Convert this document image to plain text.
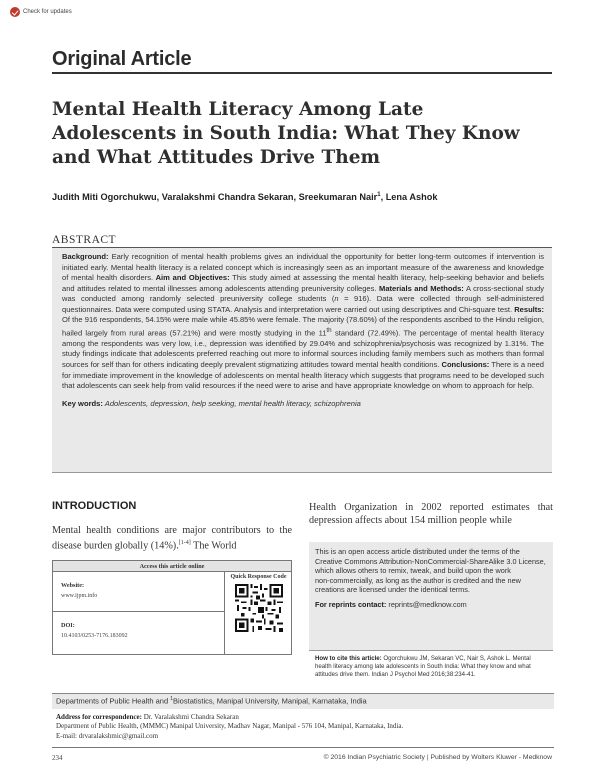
Check for updates
Original Article
Mental Health Literacy Among Late Adolescents in South India: What They Know and What Attitudes Drive Them
Judith Miti Ogorchukwu, Varalakshmi Chandra Sekaran, Sreekumaran Nair$^1$, Lena Ashok
ABSTRACT

Background: Early recognition of mental health problems gives an individual the opportunity for better long‑term outcomes if intervention is initiated early. Mental health literacy is a related concept which is increasingly seen as an important measure of the awareness and knowledge of mental health disorders. Aim and Objectives: This study aimed at assessing the mental health literacy, help‑seeking behavior and beliefs and attitudes related to mental illnesses among adolescents attending preuniversity colleges. Materials and Methods: A cross‑sectional study was conducted among randomly selected preuniversity college students (n = 916). Data were collected through self‑administered questionnaires. Data were computed using STATA. Analysis and interpretation were carried out using descriptives and Chi‑square test. Results: Of the 916 respondents, 54.15% were male while 45.85% were female. The majority (78.60%) of the respondents ascribed to the Hindu religion, hailed largely from rural areas (57.21%) and were mostly studying in the 11th standard (72.49%). The percentage of mental health literacy among the respondents was very low, i.e., depression was identified by 29.04% and schizophrenia/psychosis was recognized by 1.31%. The study findings indicate that adolescents preferred reaching out more to informal sources including family members such as mothers than formal sources for self than for others indicating deeply prevalent stigmatizing attitudes toward mental health conditions. Conclusions: There is a need for immediate improvement in the knowledge of adolescents on mental health literacy which suggests that programs need to be developed such that adolescents can seek help from valid resources if the need were to arise and have appropriate knowledge on whom to approach for help.

Key words: Adolescents, depression, help seeking, mental health literacy, schizophrenia

INTRODUCTION

Mental health conditions are major contributors to the disease burden globally (14%).[1-4] The World

Health Organization in 2002 reported estimates that depression affects about 154 million people while

Access this article online
Website:
www.ijpm.info
DOI:
10.4103/0253-7176.183092
Quick Response Code

This is an open access article distributed under the terms of the Creative Commons Attribution‑NonCommercial‑ShareAlike 3.0 License, which allows others to remix, tweak, and build upon the work non‑commercially, as long as the author is credited and the new creations are licensed under the identical terms.

For reprints contact: reprints@medknow.com

How to cite this article: Ogorchukwu JM, Sekaran VC, Nair S, Ashok L. Mental health literacy among late adolescents in South India: What they know and what attitudes drive them. Indian J Psychol Med 2016;38:234‑41.
Departments of Public Health and $^1$Biostatistics, Manipal University, Manipal, Karnataka, India
Address for correspondence: Dr. Varalakshmi Chandra Sekaran
Department of Public Health, (MMMC) Manipal University, Madhav Nagar, Manipal ‑ 576 104, Manipal, Karnataka, India.
E‑mail: drvaralakshmic@gmail.com
234	© 2016 Indian Psychiatric Society | Published by Wolters Kluwer ‑ Medknow
